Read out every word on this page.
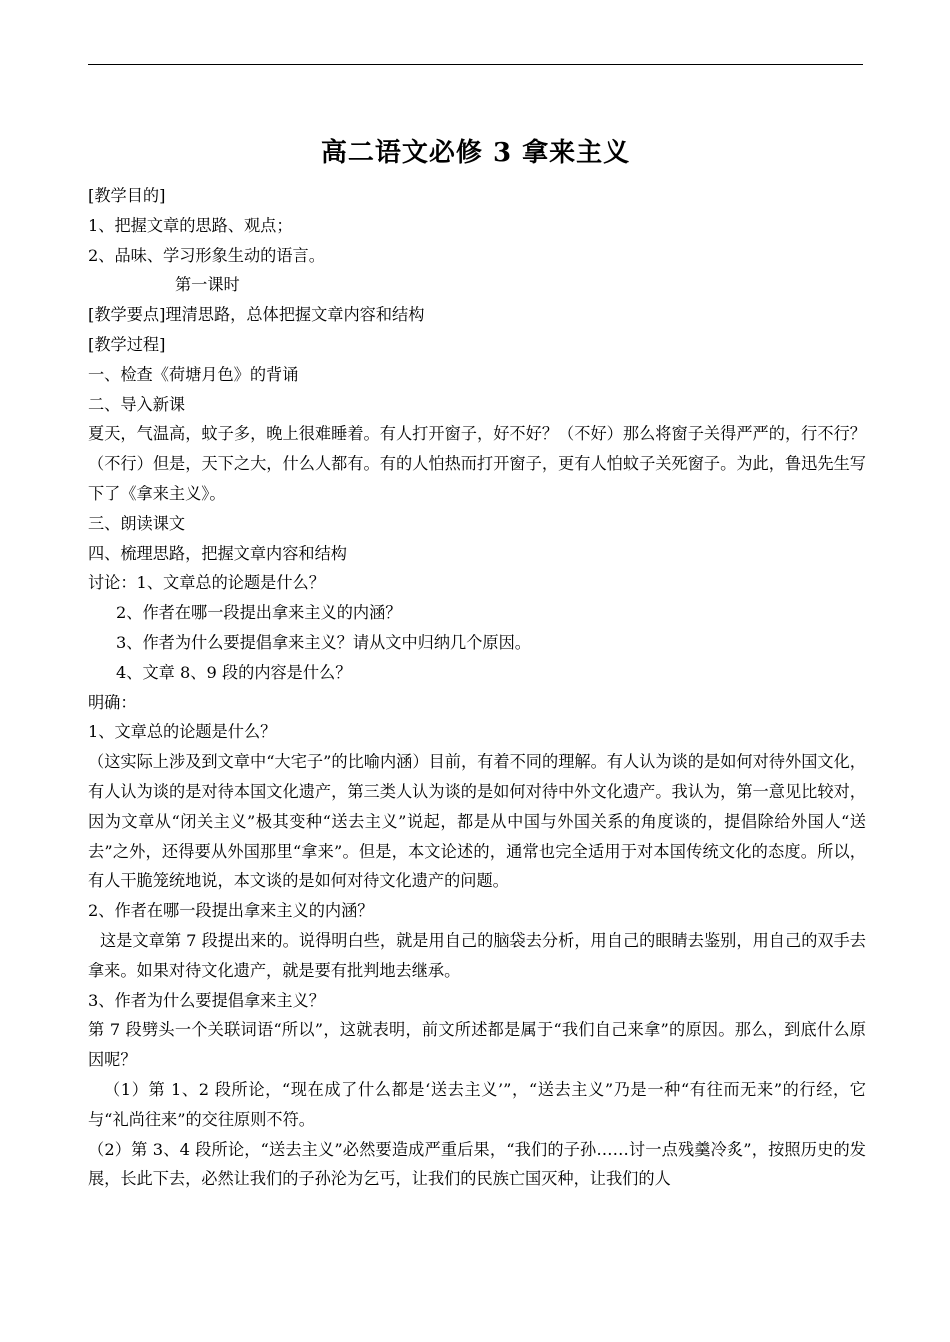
高二语文必修 3 拿来主义

[教学目的]

1、把握文章的思路、观点；

2、品味、学习形象生动的语言。

第一课时

[教学要点]理清思路，总体把握文章内容和结构

[教学过程]

一、检查《荷塘月色》的背诵

二、导入新课

夏天，气温高，蚊子多，晚上很难睡着。有人打开窗子，好不好？（不好）那么将窗子关得严严的，行不行？（不行）但是，天下之大，什么人都有。有的人怕热而打开窗子，更有人怕蚊子关死窗子。为此，鲁迅先生写下了《拿来主义》。

三、朗读课文

四、梳理思路，把握文章内容和结构

讨论：1、文章总的论题是什么？

2、作者在哪一段提出拿来主义的内涵？

3、作者为什么要提倡拿来主义？请从文中归纳几个原因。

4、文章 8、9 段的内容是什么？

明确：

1、文章总的论题是什么？

（这实际上涉及到文章中“大宅子”的比喻内涵）目前，有着不同的理解。有人认为谈的是如何对待外国文化，有人认为谈的是对待本国文化遗产，第三类人认为谈的是如何对待中外文化遗产。我认为，第一意见比较对，因为文章从“闭关主义”极其变种“送去主义”说起，都是从中国与外国关系的角度谈的，提倡除给外国人“送去”之外，还得要从外国那里“拿来”。但是，本文论述的，通常也完全适用于对本国传统文化的态度。所以，有人干脆笼统地说，本文谈的是如何对待文化遗产的问题。

2、作者在哪一段提出拿来主义的内涵？

这是文章第 7 段提出来的。说得明白些，就是用自己的脑袋去分析，用自己的眼睛去鉴别，用自己的双手去拿来。如果对待文化遗产，就是要有批判地去继承。

3、作者为什么要提倡拿来主义？

第 7 段劈头一个关联词语“所以”，这就表明，前文所述都是属于“我们自己来拿”的原因。那么，到底什么原因呢？

（1）第 1、2 段所论，“现在成了什么都是‘送去主义’”，“送去主义”乃是一种“有往而无来”的行经，它与“礼尚往来”的交往原则不符。

（2）第 3、4 段所论，“送去主义”必然要造成严重后果，“我们的子孙……讨一点残羹冷炙”，按照历史的发展，长此下去，必然让我们的子孙沦为乞丐，让我们的民族亡国灭种，让我们的人
